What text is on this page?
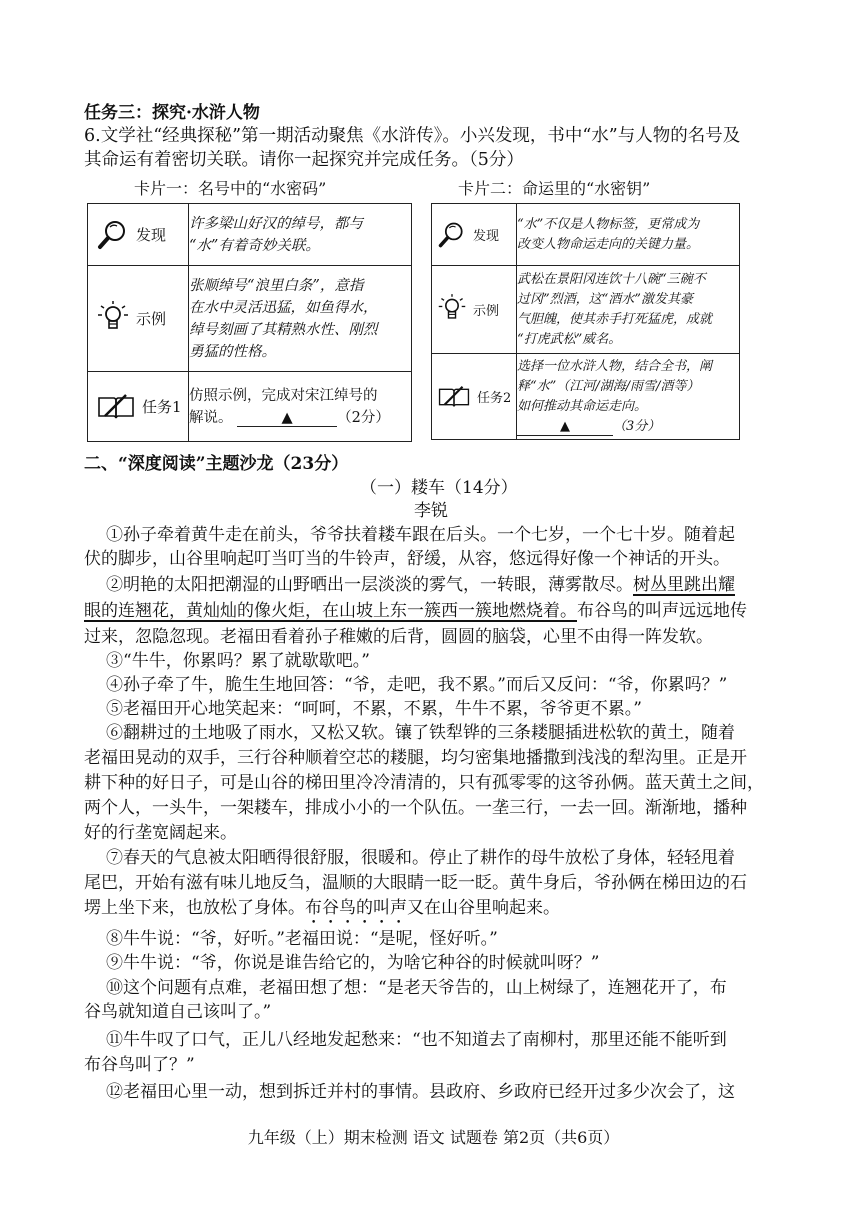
任务三：探究·水浒人物
6.文学社“经典探秘”第一期活动聚焦《水浒传》。小兴发现，书中“水”与人物的名号及
其命运有着密切关联。请你一起探究并完成任务。（5分）
卡片一：名号中的“水密码”	卡片二：命运里的“水密钥”
发现	许多梁山好汉的绰号，都与
“水”有着奇妙关联。

示例	张顺绰号“浪里白条”，意指
在水中灵活迅猛，如鱼得水，
绰号刻画了其精熟水性、刚烈
勇猛的性格。

任务1	仿照示例，完成对宋江绰号的
解说。 ▲ （2分）
发现	“水”不仅是人物标签，更常成为
改变人物命运走向的关键力量。

示例	武松在景阳冈连饮十八碗“三碗不
过冈”烈酒，这“酒水”激发其豪
气胆魄，使其赤手打死猛虎，成就
“打虎武松”威名。

任务2	选择一位水浒人物，结合全书，阐
释“水”（江河/湖海/雨雪/酒等）
如何推动其命运走向。
▲ （3分）
二、“深度阅读”主题沙龙（23分）
（一）耧车（14分）
李锐
①孙子牵着黄牛走在前头，爷爷扶着耧车跟在后头。一个七岁，一个七十岁。随着起
伏的脚步，山谷里响起叮当叮当的牛铃声，舒缓，从容，悠远得好像一个神话的开头。
②明艳的太阳把潮湿的山野晒出一层淡淡的雾气，一转眼，薄雾散尽。树丛里跳出耀
眼的连翘花，黄灿灿的像火炬，在山坡上东一簇西一簇地燃烧着。布谷鸟的叫声远远地传
过来，忽隐忽现。老福田看着孙子稚嫩的后背，圆圆的脑袋，心里不由得一阵发软。
③“牛牛，你累吗？累了就歇歇吧。”
④孙子牵了牛，脆生生地回答：“爷，走吧，我不累。”而后又反问：“爷，你累吗？”
⑤老福田开心地笑起来：“呵呵，不累，不累，牛牛不累，爷爷更不累。”
⑥翻耕过的土地吸了雨水，又松又软。镶了铁犁铧的三条耧腿插进松软的黄土，随着
老福田晃动的双手，三行谷种顺着空芯的耧腿，均匀密集地播撒到浅浅的犁沟里。正是开
耕下种的好日子，可是山谷的梯田里冷冷清清的，只有孤零零的这爷孙俩。蓝天黄土之间，
两个人，一头牛，一架耧车，排成小小的一个队伍。一垄三行，一去一回。渐渐地，播种
好的行垄宽阔起来。
⑦春天的气息被太阳晒得很舒服，很暖和。停止了耕作的母牛放松了身体，轻轻甩着
尾巴，开始有滋有味儿地反刍，温顺的大眼睛一眨一眨。黄牛身后，爷孙俩在梯田边的石
塄上坐下来，也放松了身体。布谷鸟的叫声又在山谷里响起来。
⑧牛牛说：“爷，好听。”老福田说：“是呢，怪好听。”
⑨牛牛说：“爷，你说是谁告给它的，为啥它种谷的时候就叫呀？”
⑩这个问题有点难，老福田想了想：“是老天爷告的，山上树绿了，连翘花开了，布
谷鸟就知道自己该叫了。”
⑪牛牛叹了口气，正儿八经地发起愁来：“也不知道去了南柳村，那里还能不能听到
布谷鸟叫了？”
⑫老福田心里一动，想到拆迁并村的事情。县政府、乡政府已经开过多少次会了，这
九年级（上）期末检测 语文 试题卷 第2页（共6页）
